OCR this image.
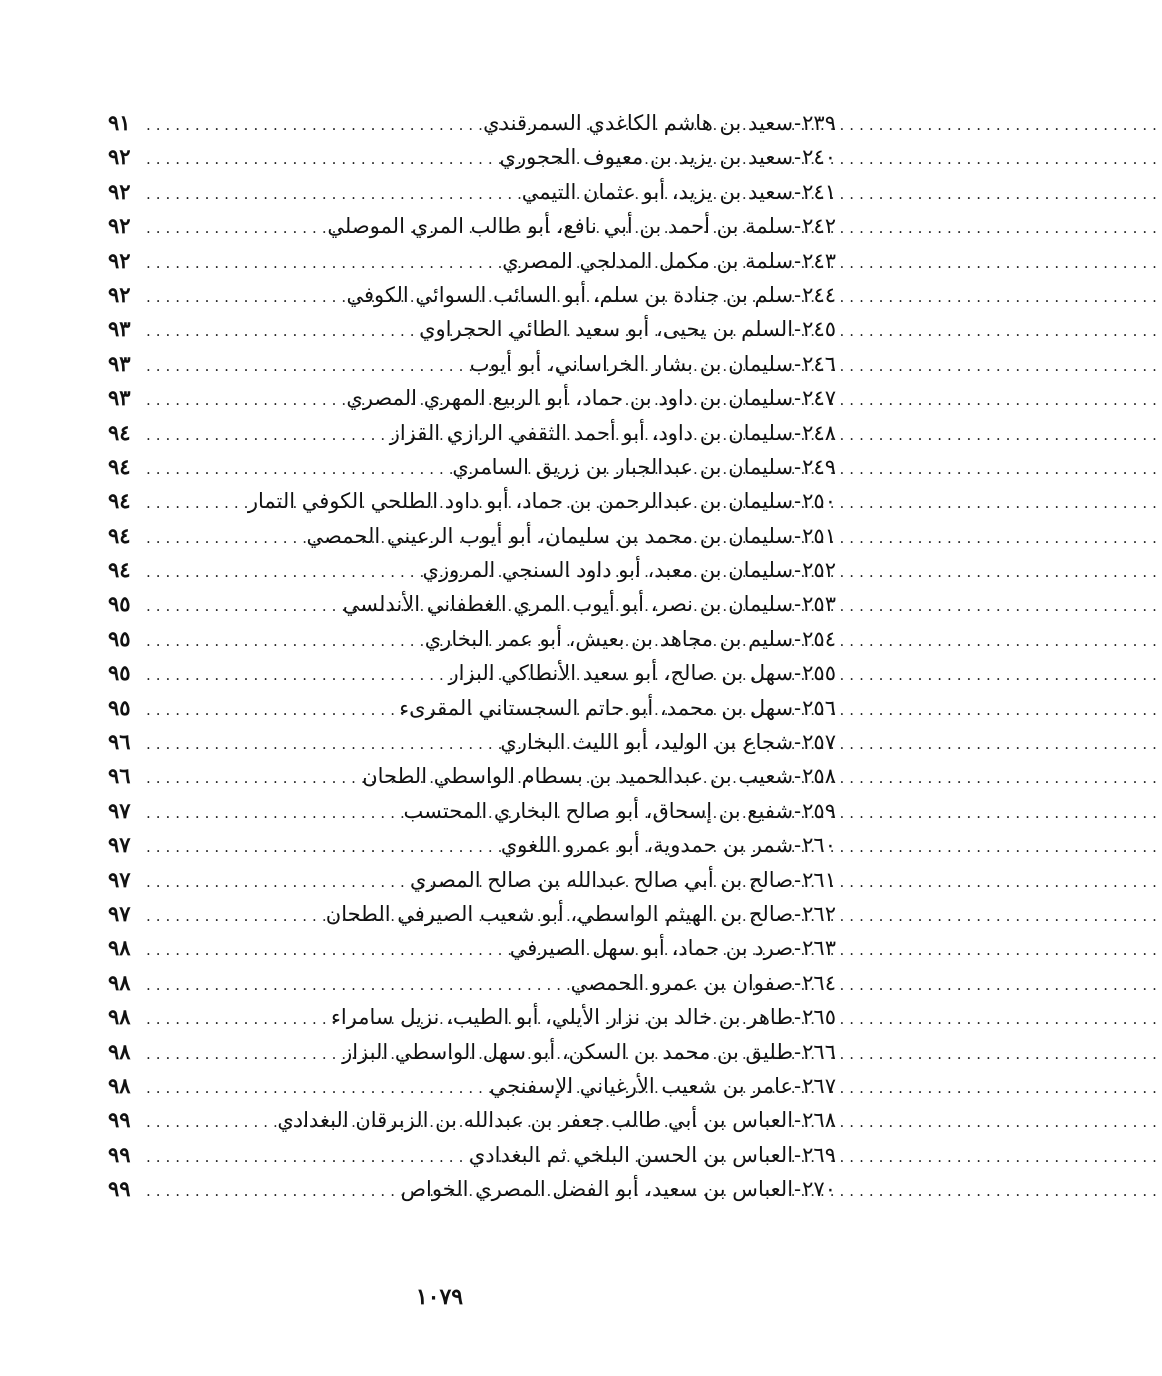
٢٣٩
-
سعيد بن هاشم الكاغدي السمرقندي
.....
٩١
٢٤٠
-
سعيد بن يزيد بن معيوف الحجوري
.....
٩٢
٢٤١
-
سعيد بن يزيد، أبو عثمان التيمي
.....
٩٢
٢٤٢
-
سلمة بن أحمد بن أبي نافع، أبو طالب المري الموصلي
.....
٩٢
٢٤٣
-
سلمة بن مكمل المدلجي المصري
.....
٩٢
٢٤٤
-
سلم بن جنادة بن سلم، أبو السائب السوائي الكوفي
.....
٩٢
٢٤٥
-
السلم بن يحيى، أبو سعيد الطائي الحجراوي
.....
٩٣
٢٤٦
-
سليمان بن بشار الخراساني، أبو أيوب
.....
٩٣
٢٤٧
-
سليمان بن داود بن حماد، أبو الربيع المهري المصري
.....
٩٣
٢٤٨
-
سليمان بن داود، أبو أحمد الثقفي الرازي القزاز
.....
٩٤
٢٤٩
-
سليمان بن عبدالجبار بن زريق السامري
.....
٩٤
٢٥٠
-
سليمان بن عبدالرحمن بن حماد، أبو داود الطلحي الكوفي التمار
.....
٩٤
٢٥١
-
سليمان بن محمد بن سليمان، أبو أيوب الرعيني الحمصي
.....
٩٤
٢٥٢
-
سليمان بن معبد، أبو داود السنجي المروزي
.....
٩٤
٢٥٣
-
سليمان بن نصر، أبو أيوب المري الغطفاني الأندلسي
.....
٩٥
٢٥٤
-
سليم بن مجاهد بن بعيش، أبو عمر البخاري
.....
٩٥
٢٥٥
-
سهل بن صالح، أبو سعيد الأنطاكي البزار
.....
٩٥
٢٥٦
-
سهل بن محمد، أبو حاتم السجستاني المقرىء
.....
٩٥
٢٥٧
-
شجاع بن الوليد، أبو الليث البخاري
.....
٩٦
٢٥٨
-
شعيب بن عبدالحميد بن بسطام الواسطي الطحان
.....
٩٦
٢٥٩
-
شفيع بن إسحاق، أبو صالح البخاري المحتسب
.....
٩٧
٢٦٠
-
شمر بن حمدوية، أبو عمرو اللغوي
.....
٩٧
٢٦١
-
صالح بن أبي صالح عبدالله بن صالح المصري
.....
٩٧
٢٦٢
-
صالح بن الهيثم الواسطي، أبو شعيب الصيرفي الطحان
.....
٩٧
٢٦٣
-
صرد بن حماد، أبو سهل الصيرفي
.....
٩٨
٢٦٤
-
صفوان بن عمرو الحمصي
.....
٩٨
٢٦٥
-
طاهر بن خالد بن نزار الأيلي، أبو الطيب، نزيل سامراء
.....
٩٨
٢٦٦
-
طليق بن محمد بن السكن، أبو سهل الواسطي البزاز
.....
٩٨
٢٦٧
-
عامر بن شعيب الأرغياني الإسفنجي
.....
٩٨
٢٦٨
-
العباس بن أبي طالب جعفر بن عبدالله بن الزبرقان البغدادي
.....
٩٩
٢٦٩
-
العباس بن الحسن البلخي ثم البغدادي
.....
٩٩
٢٧٠
-
العباس بن سعيد، أبو الفضل المصري الخواص
.....
٩٩
١٠٧٩
